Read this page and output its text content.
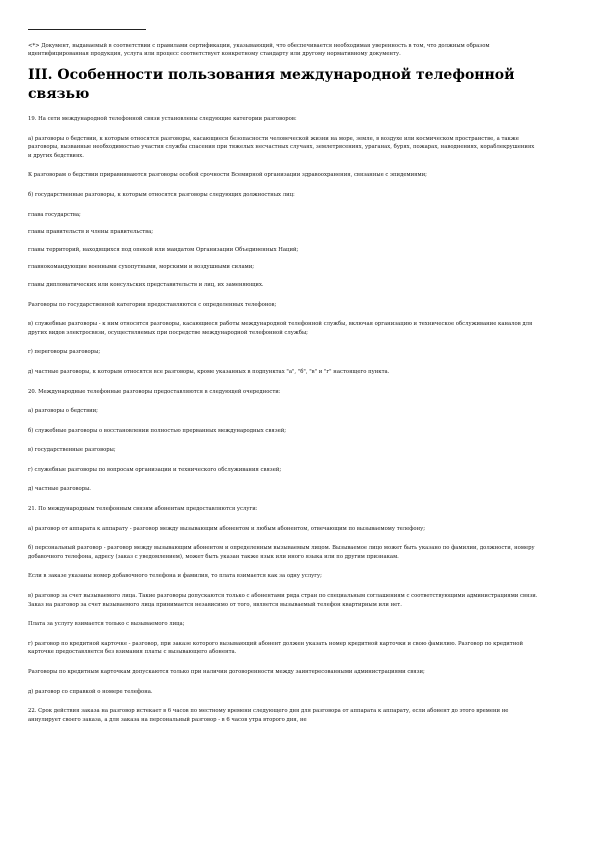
<*> Документ, выдаваемый в соответствии с правилами сертификации, указывающий, что обеспечивается необходимая уверенность в том, что должным образом идентифицированная продукция, услуга или процесс соответствует конкретному стандарту или другому нормативному документу.

III. Особенности пользования международной телефонной связью

19. На сети международной телефонной связи установлены следующие категории разговоров:

а) разговоры о бедствии, к которым относятся разговоры, касающиеся безопасности человеческой жизни на море, земле, в воздухе или космическом пространстве, а также разговоры, вызванные необходимостью участия службы спасения при тяжелых несчастных случаях, землетрясениях, ураганах, бурях, пожарах, наводнениях, кораблекрушениях и других бедствиях.

К разговорам о бедствии приравниваются разговоры особой срочности Всемирной организации здравоохранения, связанные с эпидемиями;

б) государственные разговоры, к которым относятся разговоры следующих должностных лиц:

глава государства;

главы правительств и члены правительства;

главы территорий, находящихся под опекой или мандатом Организации Объединенных Наций;

главнокомандующие военными сухопутными, морскими и воздушными силами;

главы дипломатических или консульских представительств и лиц, их заменяющих.

Разговоры по государственной категории предоставляются с определенных телефонов;

в) служебные разговоры - к ним относятся разговоры, касающиеся работы международной телефонной службы, включая организацию и техническое обслуживание каналов для других видов электросвязи, осуществляемых при посредстве международной телефонной службы;

г) переговоры разговоры;

д) частные разговоры, к которым относятся все разговоры, кроме указанных в подпунктах "а", "б", "в" и "г" настоящего пункта.

20. Международные телефонные разговоры предоставляются в следующей очередности:

а) разговоры о бедствии;

б) служебные разговоры о восстановлении полностью прерванных международных связей;

в) государственные разговоры;

г) служебные разговоры по вопросам организации и технического обслуживания связей;

д) частные разговоры.

21. По международным телефонным связям абонентам предоставляются услуги:

а) разговор от аппарата к аппарату - разговор между вызывающим абонентом и любым абонентом, отвечающим по вызываемому телефону;

б) персональный разговор - разговор между вызывающим абонентом и определенным вызываемым лицом. Вызываемое лицо может быть указано по фамилии, должности, номеру добавочного телефона, адресу (заказ с уведомлением), может быть указан также язык или иного языка или по другим признакам.

Если в заказе указаны номер добавочного телефона и фамилия, то плата взимается как за одну услугу;

в) разговор за счет вызываемого лица. Такие разговоры допускаются только с абонентами ряда стран по специальным соглашениям с соответствующими администрациями связи. Заказ на разговор за счет вызываемого лица принимается независимо от того, является вызываемый телефон квартирным или нет.

Плата за услугу взимается только с вызываемого лица;

г) разговор по кредитной карточке - разговор, при заказе которого вызывающий абонент должен указать номер кредитной карточки и свою фамилию. Разговор по кредитной карточке предоставляется без взимания платы с вызывающего абонента.

Разговоры по кредитным карточкам допускаются только при наличии договоренности между заинтересованными администрациями связи;

д) разговор со справкой о номере телефона.

22. Срок действия заказа на разговор истекает в 6 часов по местному времени следующего дня для разговора от аппарата к аппарату, если абонент до этого времени не аннулирует своего заказа, а для заказа на персональный разговор - в 6 часов утра второго дня, не
